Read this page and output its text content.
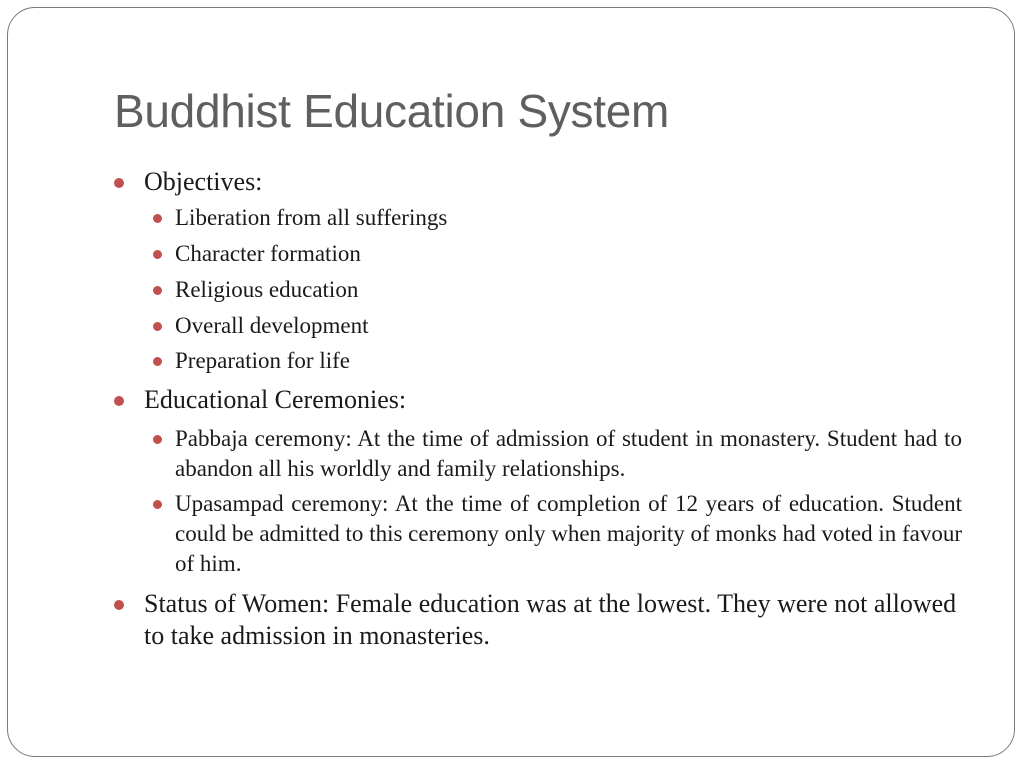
Buddhist Education System
Objectives:
Liberation from all sufferings
Character formation
Religious education
Overall development
Preparation for life
Educational Ceremonies:
Pabbaja ceremony: At the time of admission of student in monastery. Student had to abandon all his worldly and family relationships.
Upasampad ceremony: At the time of completion of 12 years of education. Student could be admitted to this ceremony only when majority of monks had voted in favour of him.
Status of Women: Female education was at the lowest. They were not allowed to take admission in monasteries.
